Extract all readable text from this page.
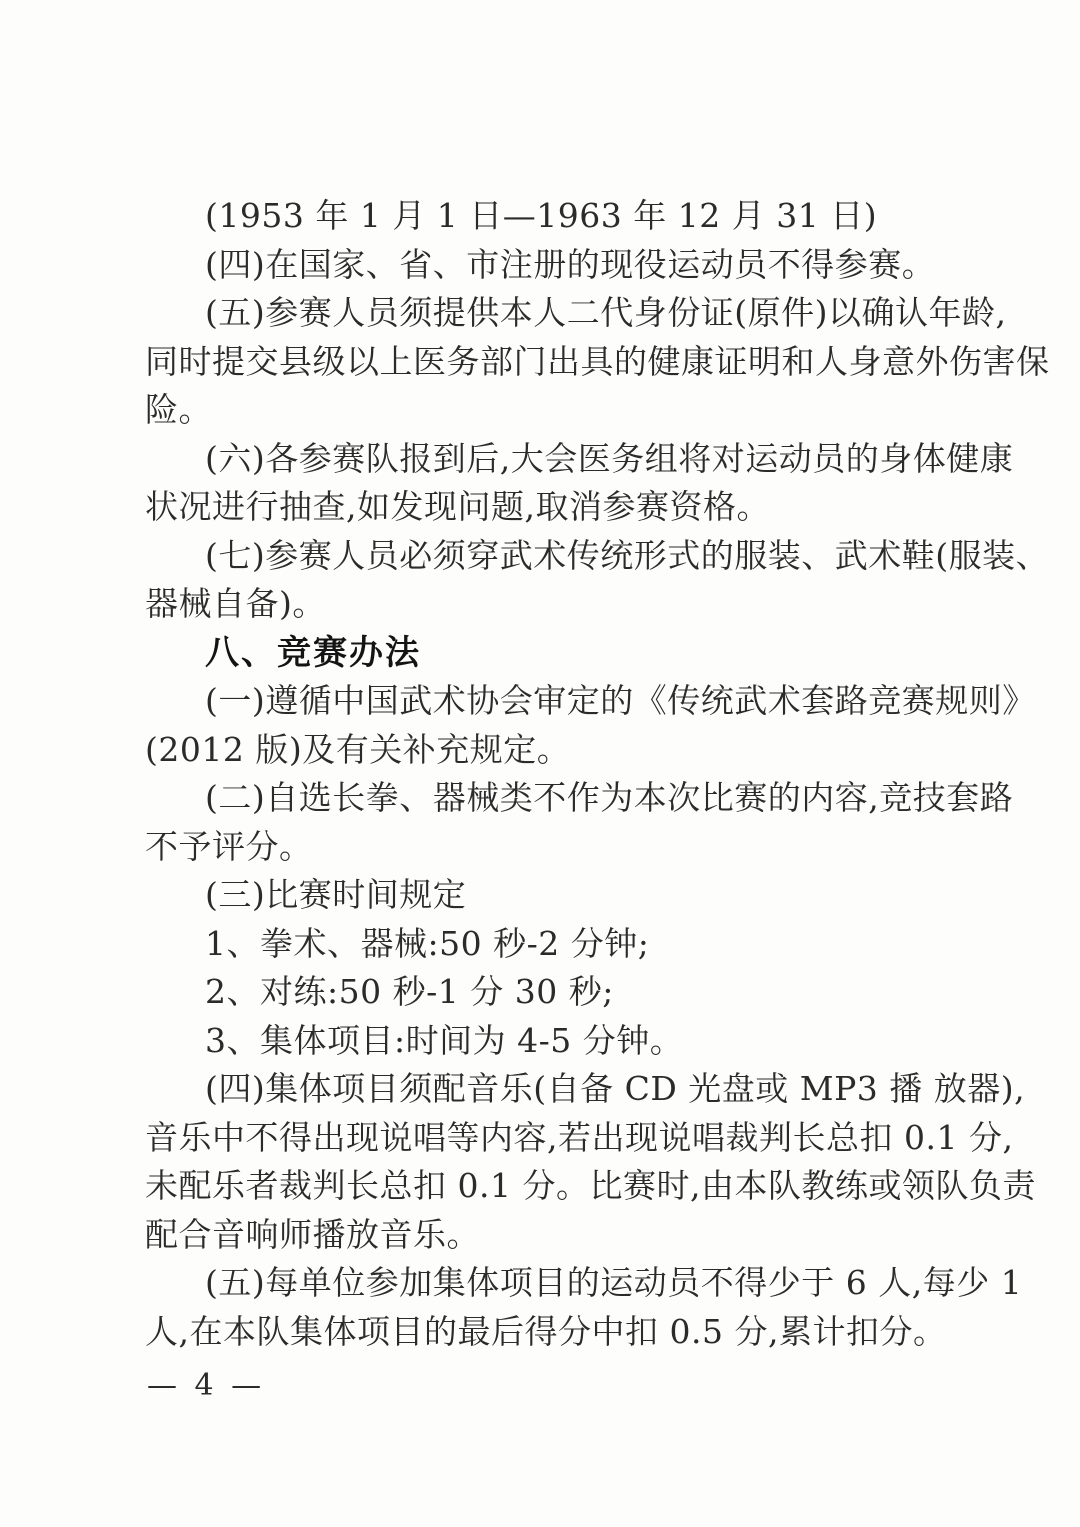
(1953 年 1 月 1 日—1963 年 12 月 31 日)
(四)在国家、省、市注册的现役运动员不得参赛。
(五)参赛人员须提供本人二代身份证(原件)以确认年龄,
同时提交县级以上医务部门出具的健康证明和人身意外伤害保
险。
(六)各参赛队报到后,大会医务组将对运动员的身体健康
状况进行抽查,如发现问题,取消参赛资格。
(七)参赛人员必须穿武术传统形式的服装、武术鞋(服装、
器械自备)。
八、竞赛办法
(一)遵循中国武术协会审定的《传统武术套路竞赛规则》
(2012 版)及有关补充规定。
(二)自选长拳、器械类不作为本次比赛的内容,竞技套路
不予评分。
(三)比赛时间规定
1、拳术、器械:50 秒-2 分钟;
2、对练:50 秒-1 分 30 秒;
3、集体项目:时间为 4-5 分钟。
(四)集体项目须配音乐(自备 CD 光盘或 MP3 播 放器),
音乐中不得出现说唱等内容,若出现说唱裁判长总扣 0.1 分,
未配乐者裁判长总扣 0.1 分。比赛时,由本队教练或领队负责
配合音响师播放音乐。
(五)每单位参加集体项目的运动员不得少于 6 人,每少 1
人,在本队集体项目的最后得分中扣 0.5 分,累计扣分。
— 4 —
